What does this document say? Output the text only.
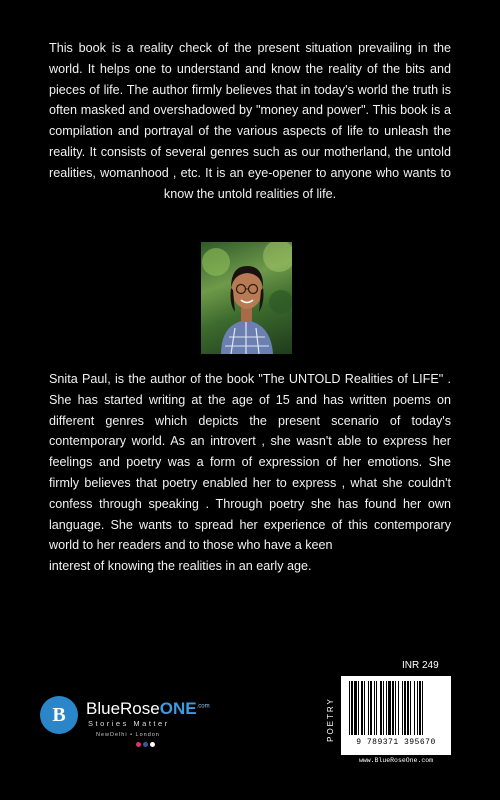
This book is a reality check of the present situation prevailing in the world. It helps one to understand and know the reality of the bits and pieces of life. The author firmly believes that in today's world the truth is often masked and overshadowed by "money and power". This book is a compilation and portrayal of the various aspects of life to unleash the reality. It consists of several genres such as our motherland, the untold realities, womanhood , etc. It is an eye-opener to anyone who wants to know the untold realities of life.

Snita Paul, is the author of the book "The UNTOLD Realities of LIFE" . She has started writing at the age of 15 and has written poems on different genres which depicts the present scenario of today's contemporary world. As an introvert , she wasn't able to express her feelings and poetry was a form of expression of her emotions. She firmly believes that poetry enabled her to express , what she couldn't confess through speaking . Through poetry she has found her own language. She wants to spread her experience of this contemporary world to her readers and to those who have a keen
interest of knowing the realities in an early age.

B BlueRoseONE$^{.com}$
Stories Matter
NewDelhi • London
INR 249
POETRY
9 789371 395670
www.BlueRoseOne.com
